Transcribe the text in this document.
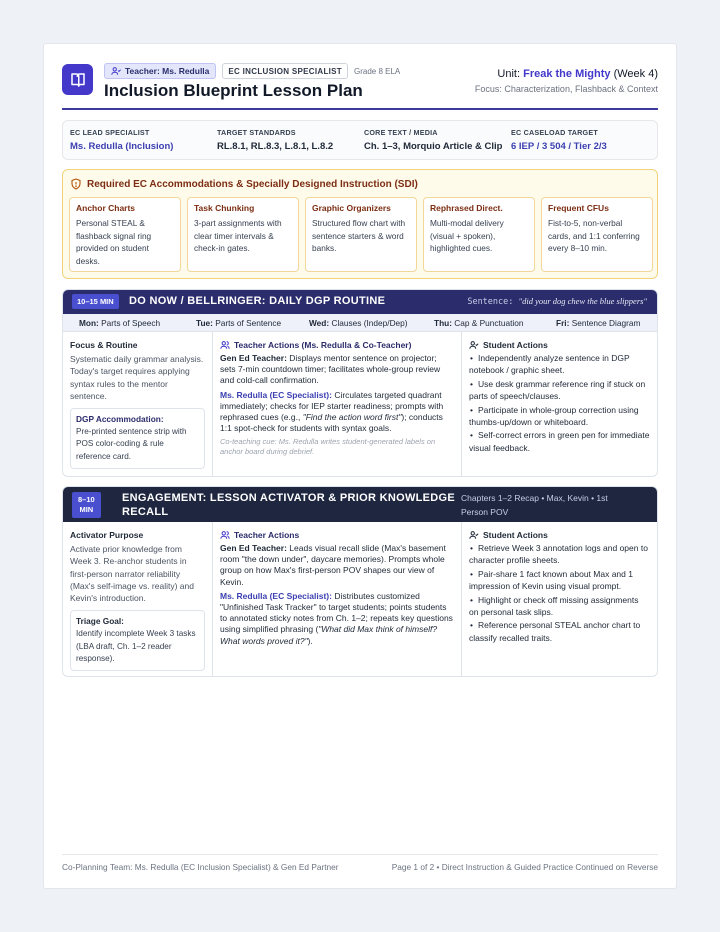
Teacher: Ms. Redulla	EC INCLUSION SPECIALIST	Grade 8 ELA
Inclusion Blueprint Lesson Plan
Unit: Freak the Mighty (Week 4)
Focus: Characterization, Flashback & Context
EC LEAD SPECIALIST
Ms. Redulla (Inclusion)
TARGET STANDARDS
RL.8.1, RL.8.3, L.8.1, L.8.2
CORE TEXT / MEDIA
Ch. 1–3, Morquio Article & Clip
EC CASELOAD TARGET
6 IEP / 3 504 / Tier 2/3
Required EC Accommodations & Specially Designed Instruction (SDI)
Anchor Charts
Personal STEAL & flashback signal ring provided on student desks.
Task Chunking
3-part assignments with clear timer intervals & check-in gates.
Graphic Organizers
Structured flow chart with sentence starters & word banks.
Rephrased Direct.
Multi-modal delivery (visual + spoken), highlighted cues.
Frequent CFUs
Fist-to-5, non-verbal cards, and 1:1 conferring every 8–10 min.
10–15 MIN	DO NOW / BELLRINGER: DAILY DGP ROUTINE	Sentence: "did your dog chew the blue slippers"
Mon: Parts of Speech	Tue: Parts of Sentence	Wed: Clauses (Indep/Dep)	Thu: Cap & Punctuation	Fri: Sentence Diagram
Focus & Routine
Systematic daily grammar analysis. Today's target requires applying syntax rules to the mentor sentence.
DGP Accommodation:
Pre-printed sentence strip with POS color-coding & rule reference card.
Teacher Actions (Ms. Redulla & Co-Teacher)
Gen Ed Teacher: Displays mentor sentence on projector; sets 7-min countdown timer; facilitates whole-group review and cold-call confirmation.
Ms. Redulla (EC Specialist): Circulates targeted quadrant immediately; checks for IEP starter readiness; prompts with rephrased cues (e.g., "Find the action word first"); conducts 1:1 spot-check for students with syntax goals.
Co-teaching cue: Ms. Redulla writes student-generated labels on anchor board during debrief.
Student Actions
• Independently analyze sentence in DGP notebook / graphic sheet.
• Use desk grammar reference ring if stuck on parts of speech/clauses.
• Participate in whole-group correction using thumbs-up/down or whiteboard.
• Self-correct errors in green pen for immediate visual feedback.
8–10
MIN
ENGAGEMENT: LESSON ACTIVATOR & PRIOR KNOWLEDGE
RECALL
Chapters 1–2 Recap • Max, Kevin • 1st
Person POV
Activator Purpose
Activate prior knowledge from Week 3. Re-anchor students in first-person narrator reliability (Max's self-image vs. reality) and Kevin's introduction.
Triage Goal:
Identify incomplete Week 3 tasks (LBA draft, Ch. 1–2 reader response).
Teacher Actions
Gen Ed Teacher: Leads visual recall slide (Max's basement room "the down under", daycare memories). Prompts whole group on how Max's first-person POV shapes our view of Kevin.
Ms. Redulla (EC Specialist): Distributes customized "Unfinished Task Tracker" to target students; points students to annotated sticky notes from Ch. 1–2; repeats key questions using simplified phrasing ("What did Max think of himself? What words proved it?").
Student Actions
• Retrieve Week 3 annotation logs and open to character profile sheets.
• Pair-share 1 fact known about Max and 1 impression of Kevin using visual prompt.
• Highlight or check off missing assignments on personal task slips.
• Reference personal STEAL anchor chart to classify recalled traits.
Co-Planning Team: Ms. Redulla (EC Inclusion Specialist) & Gen Ed Partner	Page 1 of 2 • Direct Instruction & Guided Practice Continued on Reverse
